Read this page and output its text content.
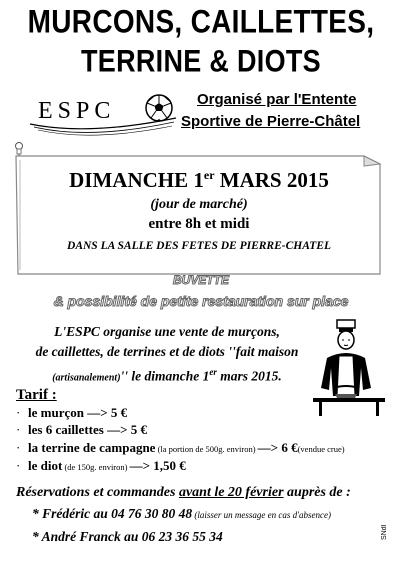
MURCONS, CAILLETTES,
TERRINE & DIOTS
ESPC	Organisé par l'Entente
Sportive de Pierre-Châtel
DIMANCHE 1er MARS 2015
(jour de marché)
entre 8h et midi
DANS LA SALLE DES FETES DE PIERRE-CHATEL
BUVETTE
& possibilité de petite restauration sur place
L'ESPC organise une vente de murçons,
de caillettes, de terrines et de diots ''fait maison
(artisanalement)'' le dimanche 1er mars 2015.
Tarif :
· le murçon —> 5 €
· les 6 caillettes —> 5 €
· la terrine de campagne (la portion de 500g. environ) —> 6 €(vendue crue)
· le diot (de 150g. environ) —> 1,50 €
Réservations et commandes avant le 20 février auprès de :
* Frédéric au 04 76 30 80 48 (laisser un message en cas d'absence)
* André Franck au 06 23 36 55 34	SNdI
